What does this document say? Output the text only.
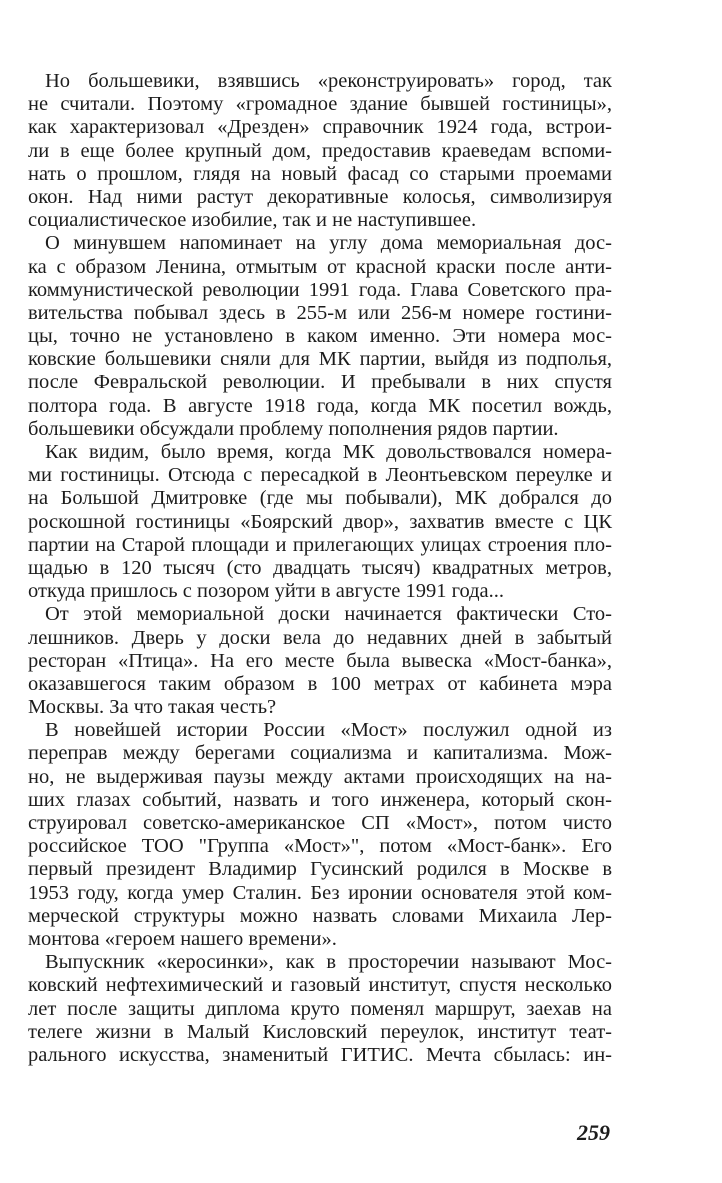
Но большевики, взявшись «реконструировать» город, так
не считали. Поэтому «громадное здание бывшей гостиницы»,
как характеризовал «Дрезден» справочник 1924 года, встрои-
ли в еще более крупный дом, предоставив краеведам вспоми-
нать о прошлом, глядя на новый фасад со старыми проемами
окон. Над ними растут декоративные колосья, символизируя
социалистическое изобилие, так и не наступившее.
О минувшем напоминает на углу дома мемориальная дос-
ка с образом Ленина, отмытым от красной краски после анти-
коммунистической революции 1991 года. Глава Советского пра-
вительства побывал здесь в 255-м или 256-м номере гостини-
цы, точно не установлено в каком именно. Эти номера мос-
ковские большевики сняли для МК партии, выйдя из подполья,
после Февральской революции. И пребывали в них спустя
полтора года. В августе 1918 года, когда МК посетил вождь,
большевики обсуждали проблему пополнения рядов партии.
Как видим, было время, когда МК довольствовался номера-
ми гостиницы. Отсюда с пересадкой в Леонтьевском переулке и
на Большой Дмитровке (где мы побывали), МК добрался до
роскошной гостиницы «Боярский двор», захватив вместе с ЦК
партии на Старой площади и прилегающих улицах строения пло-
щадью в 120 тысяч (сто двадцать тысяч) квадратных метров,
откуда пришлось с позором уйти в августе 1991 года...
От этой мемориальной доски начинается фактически Сто-
лешников. Дверь у доски вела до недавних дней в забытый
ресторан «Птица». На его месте была вывеска «Мост-банка»,
оказавшегося таким образом в 100 метрах от кабинета мэра
Москвы. За что такая честь?
В новейшей истории России «Мост» послужил одной из
переправ между берегами социализма и капитализма. Мож-
но, не выдерживая паузы между актами происходящих на на-
ших глазах событий, назвать и того инженера, который скон-
струировал советско-американское СП «Мост», потом чисто
российское ТОО "Группа «Мост»", потом «Мост-банк». Его
первый президент Владимир Гусинский родился в Москве в
1953 году, когда умер Сталин. Без иронии основателя этой ком-
мерческой структуры можно назвать словами Михаила Лер-
монтова «героем нашего времени».
Выпускник «керосинки», как в просторечии называют Мос-
ковский нефтехимический и газовый институт, спустя несколько
лет после защиты диплома круто поменял маршрут, заехав на
телеге жизни в Малый Кисловский переулок, институт теат-
рального искусства, знаменитый ГИТИС. Мечта сбылась: ин-
259
